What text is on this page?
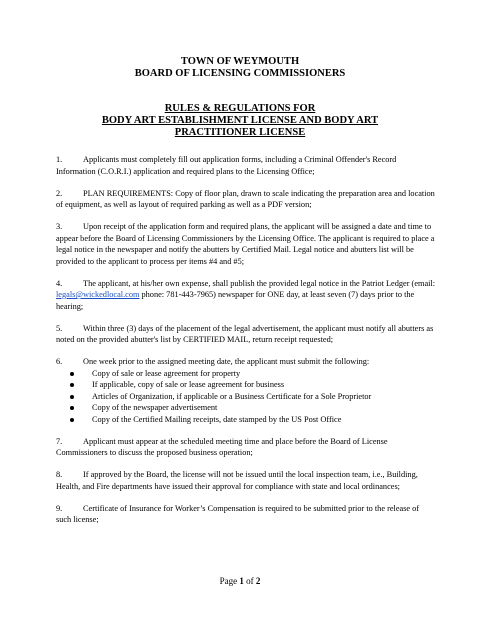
TOWN OF WEYMOUTH
BOARD OF LICENSING COMMISSIONERS
RULES & REGULATIONS FOR
BODY ART ESTABLISHMENT LICENSE AND BODY ART
PRACTITIONER LICENSE

1.	Applicants must completely fill out application forms, including a Criminal Offender's Record Information (C.O.R.I.) application and required plans to the Licensing Office;

2.	PLAN REQUIREMENTS: Copy of floor plan, drawn to scale indicating the preparation area and location of equipment, as well as layout of required parking as well as a PDF version;

3.	Upon receipt of the application form and required plans, the applicant will be assigned a date and time to appear before the Board of Licensing Commissioners by the Licensing Office. The applicant is required to place a legal notice in the newspaper and notify the abutters by Certified Mail. Legal notice and abutters list will be provided to the applicant to process per items #4 and #5;

4.	The applicant, at his/her own expense, shall publish the provided legal notice in the Patriot Ledger (email: legals@wickedlocal.com phone: 781-443-7965) newspaper for ONE day, at least seven (7) days prior to the hearing;

5.	Within three (3) days of the placement of the legal advertisement, the applicant must notify all abutters as noted on the provided abutter's list by CERTIFIED MAIL, return receipt requested;

6.	One week prior to the assigned meeting date, the applicant must submit the following:
Copy of sale or lease agreement for property
If applicable, copy of sale or lease agreement for business
Articles of Organization, if applicable or a Business Certificate for a Sole Proprietor
Copy of the newspaper advertisement
Copy of the Certified Mailing receipts, date stamped by the US Post Office

7.	Applicant must appear at the scheduled meeting time and place before the Board of License Commissioners to discuss the proposed business operation;

8.	If approved by the Board, the license will not be issued until the local inspection team, i.e., Building, Health, and Fire departments have issued their approval for compliance with state and local ordinances;

9.	Certificate of Insurance for Worker’s Compensation is required to be submitted prior to the release of such license;

Page 1 of 2
